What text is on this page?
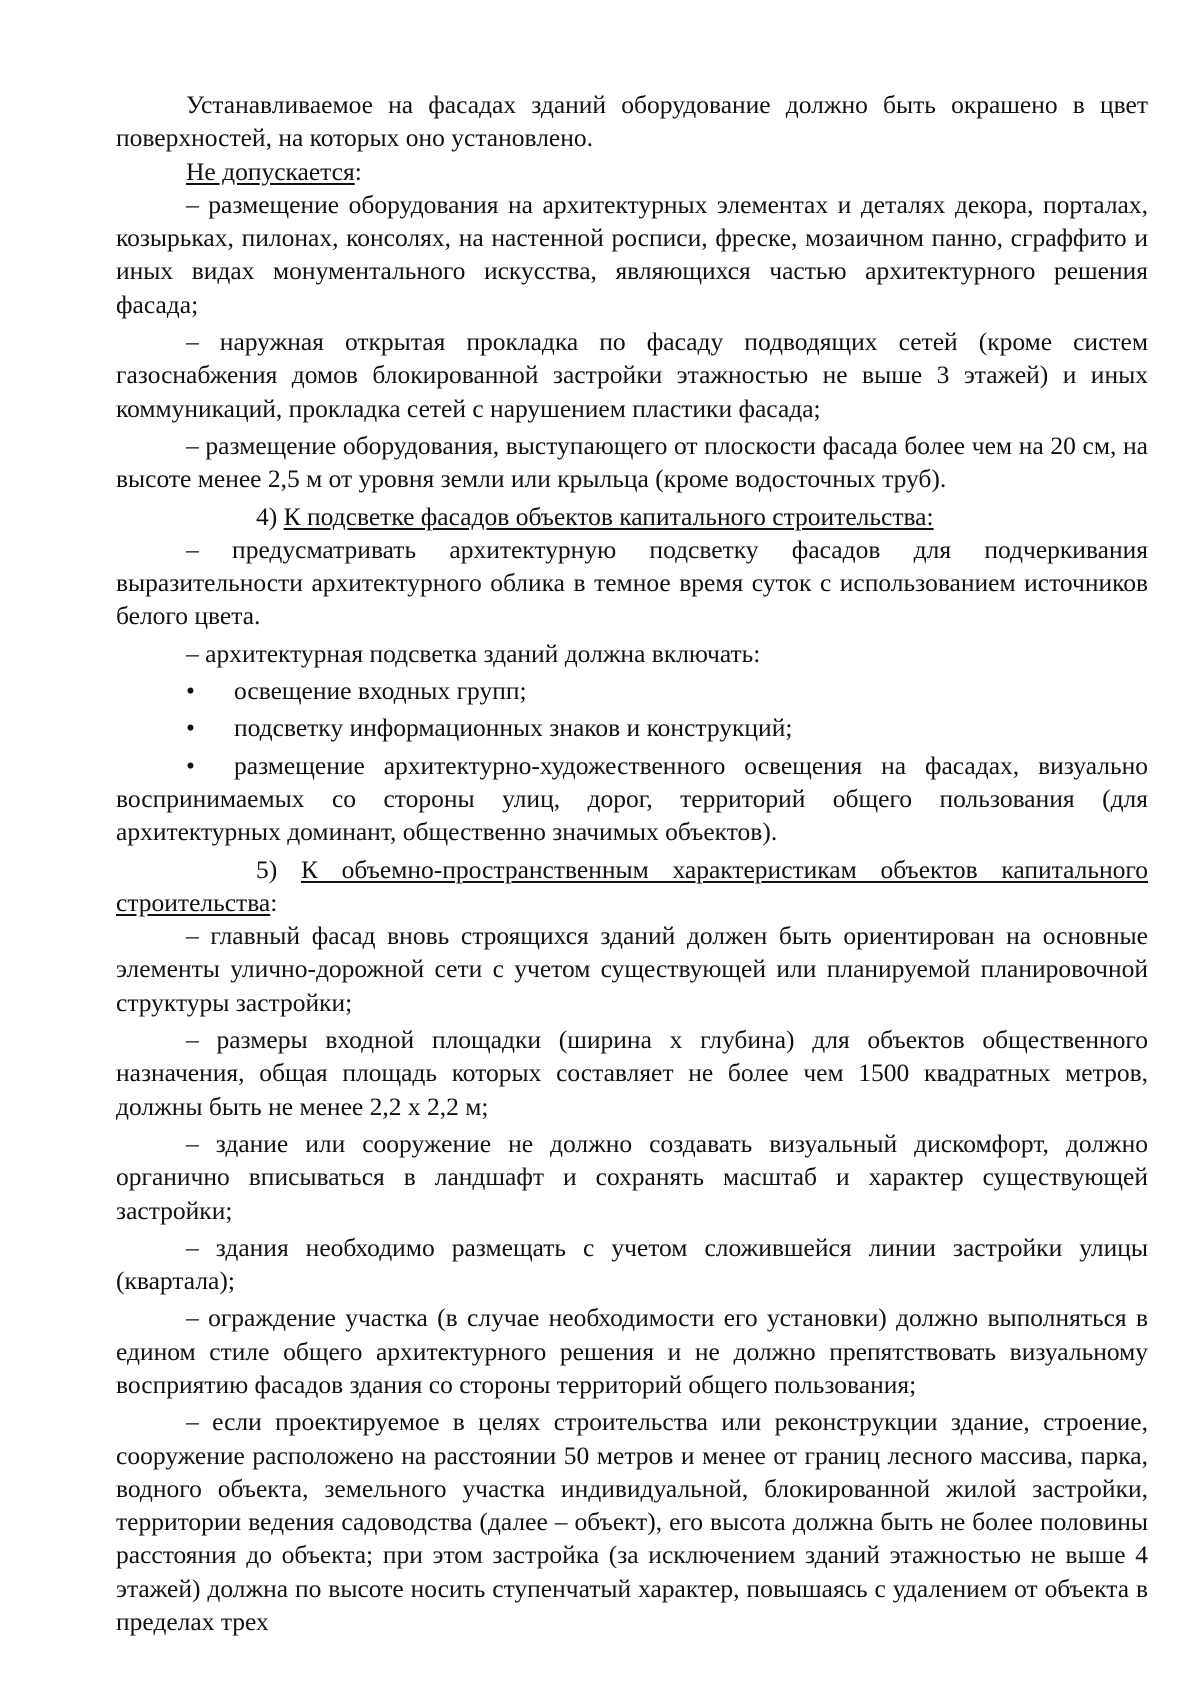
Устанавливаемое на фасадах зданий оборудование должно быть окрашено в цвет поверхностей, на которых оно установлено.

Не допускается:

– размещение оборудования на архитектурных элементах и деталях декора, порталах, козырьках, пилонах, консолях, на настенной росписи, фреске, мозаичном панно, сграффито и иных видах монументального искусства, являющихся частью архитектурного решения фасада;

– наружная открытая прокладка по фасаду подводящих сетей (кроме систем газоснабжения домов блокированной застройки этажностью не выше 3 этажей) и иных коммуникаций, прокладка сетей с нарушением пластики фасада;

– размещение оборудования, выступающего от плоскости фасада более чем на 20 см, на высоте менее 2,5 м от уровня земли или крыльца (кроме водосточных труб).

4) К подсветке фасадов объектов капитального строительства:

– предусматривать архитектурную подсветку фасадов для подчеркивания выразительности архитектурного облика в темное время суток с использованием источников белого цвета.

– архитектурная подсветка зданий должна включать:

• освещение входных групп;

• подсветку информационных знаков и конструкций;

• размещение архитектурно-художественного освещения на фасадах, визуально воспринимаемых со стороны улиц, дорог, территорий общего пользования (для архитектурных доминант, общественно значимых объектов).

5) К объемно-пространственным характеристикам объектов капитального строительства:

– главный фасад вновь строящихся зданий должен быть ориентирован на основные элементы улично-дорожной сети с учетом существующей или планируемой планировочной структуры застройки;

– размеры входной площадки (ширина х глубина) для объектов общественного назначения, общая площадь которых составляет не более чем 1500 квадратных метров, должны быть не менее 2,2 х 2,2 м;

– здание или сооружение не должно создавать визуальный дискомфорт, должно органично вписываться в ландшафт и сохранять масштаб и характер существующей застройки;

– здания необходимо размещать с учетом сложившейся линии застройки улицы (квартала);

– ограждение участка (в случае необходимости его установки) должно выполняться в едином стиле общего архитектурного решения и не должно препятствовать визуальному восприятию фасадов здания со стороны территорий общего пользования;

– если проектируемое в целях строительства или реконструкции здание, строение, сооружение расположено на расстоянии 50 метров и менее от границ лесного массива, парка, водного объекта, земельного участка индивидуальной, блокированной жилой застройки, территории ведения садоводства (далее – объект), его высота должна быть не более половины расстояния до объекта; при этом застройка (за исключением зданий этажностью не выше 4 этажей) должна по высоте носить ступенчатый характер, повышаясь с удалением от объекта в пределах трех
